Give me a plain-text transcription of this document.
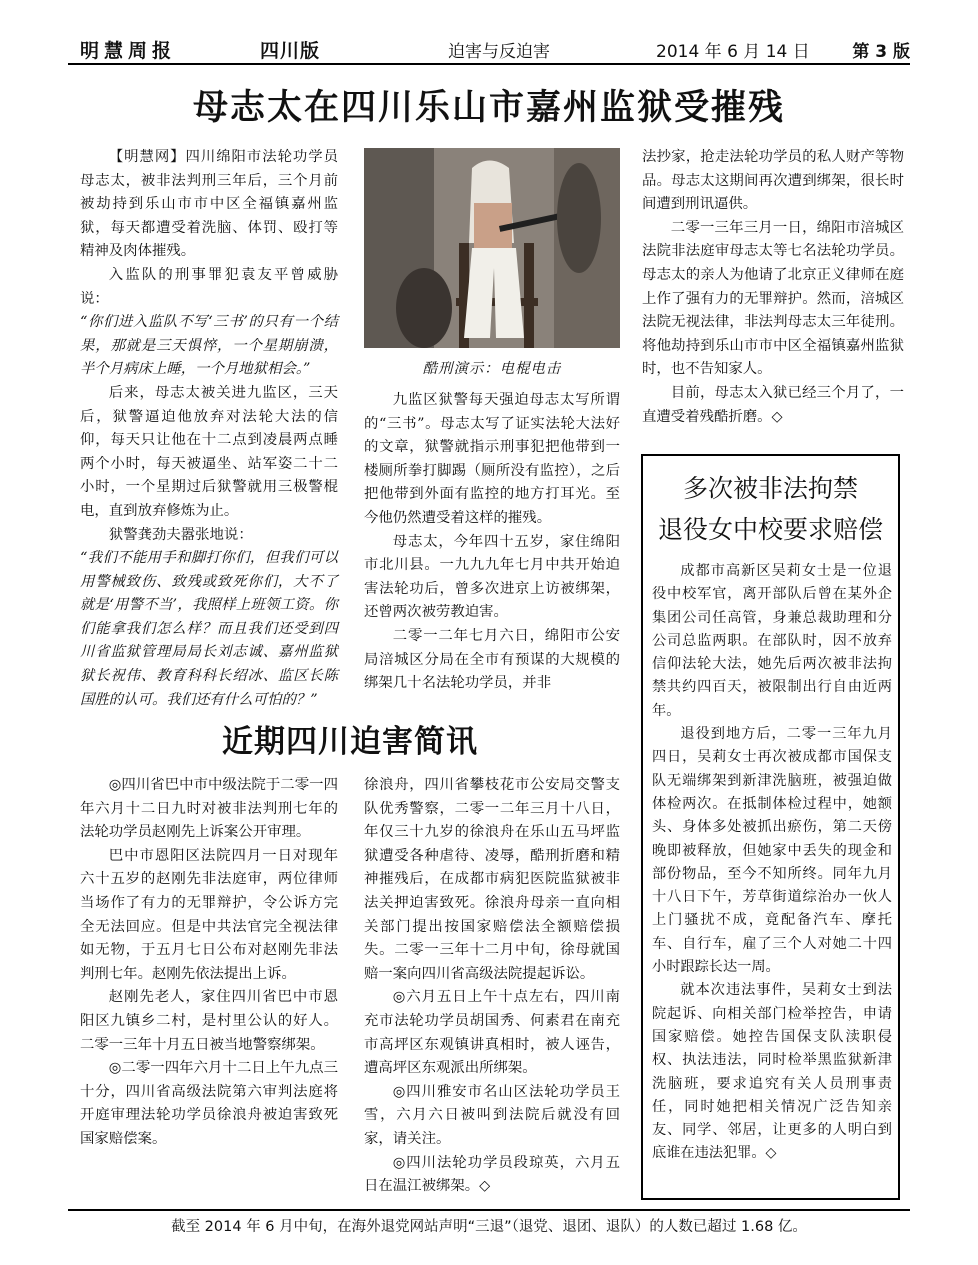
明慧周报	四川版	迫害与反迫害	2014 年 6 月 14 日	第 3 版
母志太在四川乐山市嘉州监狱受摧残

【明慧网】四川绵阳市法轮功学员母志太，被非法判刑三年后，三个月前被劫持到乐山市市中区全福镇嘉州监狱，每天都遭受着洗脑、体罚、殴打等精神及肉体摧残。

入监队的刑事罪犯袁友平曾威胁说：

“你们进入监队不写‘三书’的只有一个结果，那就是三天惧悴，一个星期崩溃，半个月病床上睡，一个月地狱相会。”

后来，母志太被关进九监区，三天后，狱警逼迫他放弃对法轮大法的信仰，每天只让他在十二点到凌晨两点睡两个小时，每天被逼坐、站军姿二十二小时，一个星期过后狱警就用三极警棍电，直到放弃修炼为止。

狱警龚劲夫嚣张地说：

“我们不能用手和脚打你们，但我们可以用警械致伤、致残或致死你们，大不了就是‘用警不当’，我照样上班领工资。你们能拿我们怎么样？而且我们还受到四川省监狱管理局局长刘志诚、嘉州监狱狱长祝伟、教育科科长绍冰、监区长陈国胜的认可。我们还有什么可怕的？”

酷刑演示：电棍电击

九监区狱警每天强迫母志太写所谓的“三书”。母志太写了证实法轮大法好的文章，狱警就指示刑事犯把他带到一楼厕所拳打脚踢（厕所没有监控），之后把他带到外面有监控的地方打耳光。至今他仍然遭受着这样的摧残。

母志太，今年四十五岁，家住绵阳市北川县。一九九九年七月中共开始迫害法轮功后，曾多次进京上访被绑架，还曾两次被劳教迫害。

二零一二年七月六日，绵阳市公安局涪城区分局在全市有预谋的大规模的绑架几十名法轮功学员，并非

法抄家，抢走法轮功学员的私人财产等物品。母志太这期间再次遭到绑架，很长时间遭到刑讯逼供。

二零一三年三月一日，绵阳市涪城区法院非法庭审母志太等七名法轮功学员。母志太的亲人为他请了北京正义律师在庭上作了强有力的无罪辩护。然而，涪城区法院无视法律，非法判母志太三年徒刑。将他劫持到乐山市市中区全福镇嘉州监狱时，也不告知家人。

目前，母志太入狱已经三个月了，一直遭受着残酷折磨。◇

近期四川迫害简讯

◎四川省巴中市中级法院于二零一四年六月十二日九时对被非法判刑七年的法轮功学员赵刚先上诉案公开审理。

巴中市恩阳区法院四月一日对现年六十五岁的赵刚先非法庭审，两位律师当场作了有力的无罪辩护，令公诉方完全无法回应。但是中共法官完全视法律如无物，于五月七日公布对赵刚先非法判刑七年。赵刚先依法提出上诉。

赵刚先老人，家住四川省巴中市恩阳区九镇乡二村，是村里公认的好人。二零一三年十月五日被当地警察绑架。

◎二零一四年六月十二日上午九点三十分，四川省高级法院第六审判法庭将开庭审理法轮功学员徐浪舟被迫害致死国家赔偿案。

徐浪舟，四川省攀枝花市公安局交警支队优秀警察，二零一二年三月十八日，年仅三十九岁的徐浪舟在乐山五马坪监狱遭受各种虐待、凌辱，酷刑折磨和精神摧残后，在成都市病犯医院监狱被非法关押迫害致死。徐浪舟母亲一直向相关部门提出按国家赔偿法全额赔偿损失。二零一三年十二月中旬，徐母就国赔一案向四川省高级法院提起诉讼。

◎六月五日上午十点左右，四川南充市法轮功学员胡国秀、何素君在南充市高坪区东观镇讲真相时，被人诬告，遭高坪区东观派出所绑架。

◎四川雅安市名山区法轮功学员王雪，六月六日被叫到法院后就没有回家，请关注。

◎四川法轮功学员段琼英，六月五日在温江被绑架。◇

多次被非法拘禁
退役女中校要求赔偿

成都市高新区吴莉女士是一位退役中校军官，离开部队后曾在某外企集团公司任高管，身兼总裁助理和分公司总监两职。在部队时，因不放弃信仰法轮大法，她先后两次被非法拘禁共约四百天，被限制出行自由近两年。

退役到地方后，二零一三年九月四日，吴莉女士再次被成都市国保支队无端绑架到新津洗脑班，被强迫做体检两次。在抵制体检过程中，她额头、身体多处被抓出瘀伤，第二天傍晚即被释放，但她家中丢失的现金和部份物品，至今不知所终。同年九月十八日下午，芳草街道综治办一伙人上门骚扰不成，竟配备汽车、摩托车、自行车，雇了三个人对她二十四小时跟踪长达一周。

就本次违法事件，吴莉女士到法院起诉、向相关部门检举控告，申请国家赔偿。她控告国保支队渎职侵权、执法违法，同时检举黑监狱新津洗脑班，要求追究有关人员刑事责任，同时她把相关情况广泛告知亲友、同学、邻居，让更多的人明白到底谁在违法犯罪。◇

截至 2014 年 6 月中旬，在海外退党网站声明“三退”（退党、退团、退队）的人数已超过 1.68 亿。
